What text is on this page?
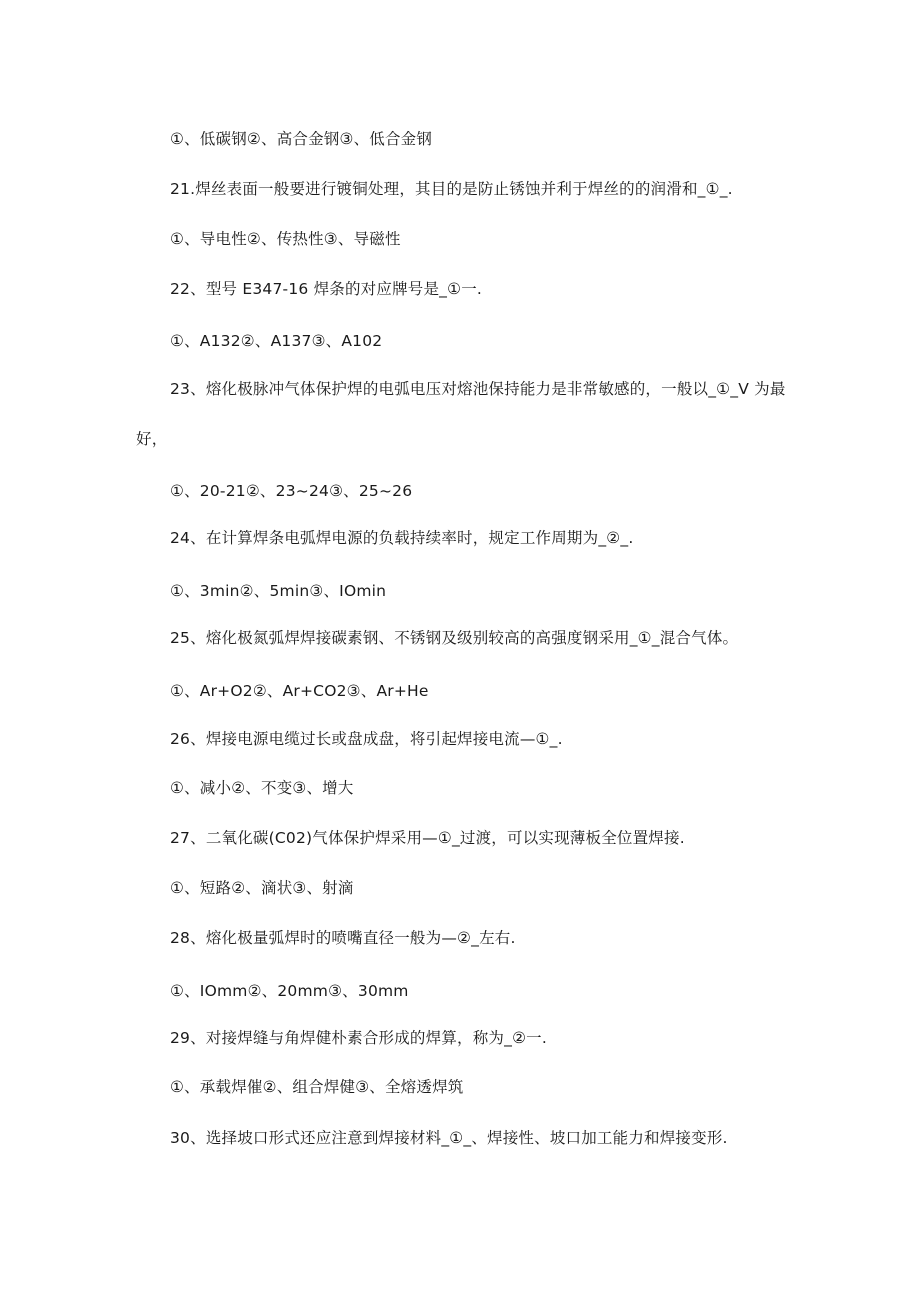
①、低碳钢②、高合金钢③、低合金钢
21.焊丝表面一般要进行镀铜处理，其目的是防止锈蚀并利于焊丝的的润滑和_①_.
①、导电性②、传热性③、导磁性
22、型号 E347-16 焊条的对应牌号是_①一.
①、A132②、A137③、A102
23、熔化极脉冲气体保护焊的电弧电压对熔池保持能力是非常敏感的，一般以_①_V 为最
好，
①、20-21②、23~24③、25~26
24、在计算焊条电弧焊电源的负载持续率时，规定工作周期为_②_.
①、3min②、5min③、IOmin
25、熔化极氮弧焊焊接碳素钢、不锈钢及级别较高的高强度钢采用_①_混合气体。
①、Ar+O2②、Ar+CO2③、Ar+He
26、焊接电源电缆过长或盘成盘，将引起焊接电流—①_.
①、减小②、不变③、增大
27、二氧化碳(C02)气体保护焊采用—①_过渡，可以实现薄板全位置焊接.
①、短路②、滴状③、射滴
28、熔化极量弧焊时的喷嘴直径一般为—②_左右.
①、IOmm②、20mm③、30mm
29、对接焊缝与角焊健朴素合形成的焊算，称为_②一.
①、承载焊催②、组合焊健③、全熔透焊筑
30、选择坡口形式还应注意到焊接材料_①_、焊接性、坡口加工能力和焊接变形.
